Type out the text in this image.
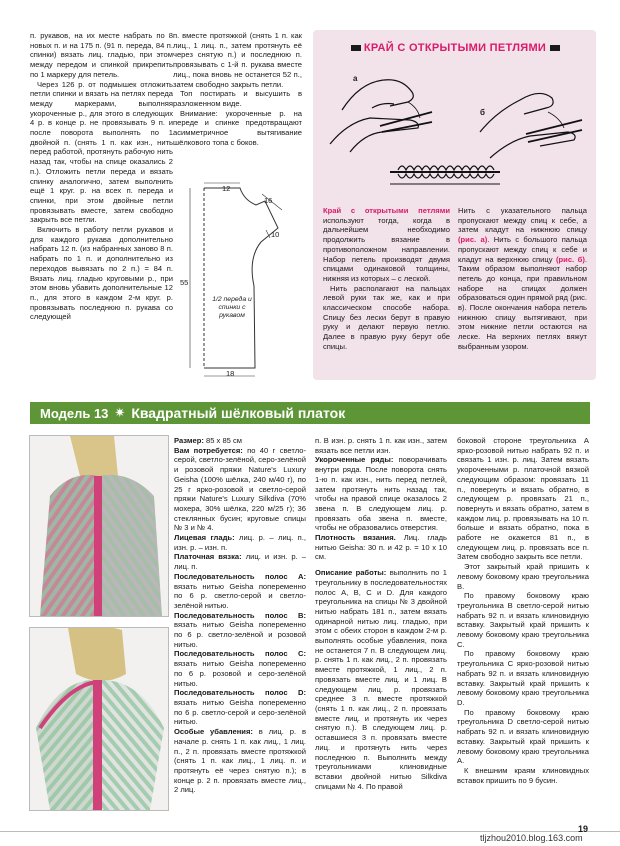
п. рукавов, на их месте набрать по 8 новых п. и на 175 п. (91 п. переда, 84 п. спинки) вязать лиц. гладью, при этом между передом и спинкой прикрепить по 1 маркеру для петель.

Через 126 р. от подмышек отложить петли спинки и вязать на петлях переда между маркерами, выполняя укороченные р., для этого в следующих 4 р. в конце р. не провязывать 9 п. и после поворота выполнять по 1 двойной п. (снять 1 п. как изн., нить перед работой, протянуть рабочую нить назад так, чтобы на спице оказались 2 п.). Отложить петли переда и вязать спинку аналогично, затем выполнить ещё 1 круг. р. на всех п. переда и спинки, при этом двойные петли провязывать вместе, затем свободно закрыть все петли.

Включить в работу петли рукавов и для каждого рукава дополнительно набрать 12 п. (из набранных заново 8 п. набрать по 1 п. и дополнительно из переходов вывязать по 2 п.) = 84 п. Вязать лиц. гладью круговыми р., при этом вновь убавить дополнительные 12 п., для этого в каждом 2-м круг. р. провязывать последнюю п. рукава со следующей

п. вместе протяжкой (снять 1 п. как лиц., 1 лиц. п., затем протянуть её через снятую п.) и последнюю п. провязывать с 1-й п. рукава вместе лиц., пока вновь не останется 52 п., затем свободно закрыть петли.

Топ постирать и высушить в разложенном виде.

Внимание: укороченные р. на переде и спинке предотвращают асимметричное вытягивание шёлкового топа с боков.

12
16
10
55
18
1/2 переда и спинки с рукавом
КРАЙ С ОТКРЫТЫМИ ПЕТЛЯМИ
а
б

Край с открытыми петлями используют тогда, когда в дальнейшем необходимо продолжить вязание в противоположном направлении. Набор петель производят двумя спицами одинаковой толщины, нижняя из которых – с леской.

Нить располагают на пальцах левой руки так же, как и при классическом способе набора. Спицу без лески берут в правую руку и делают первую петлю. Далее в правую руку берут обе спицы.

Нить с указательного пальца пропускают между спиц к себе, а затем кладут на нижнюю спицу (рис. а). Нить с большого пальца пропускают между спиц к себе и кладут на верхнюю спицу (рис. б). Таким образом выполняют набор петель до конца, при правильном наборе на спицах должен образоваться один прямой ряд (рис. в). После окончания набора петель нижнюю спицу вытягивают, при этом нижние петли остаются на леске. На верхних петлях вяжут выбранным узором.

Модель 13 ✷ Квадратный шёлковый платок

Размер: 85 х 85 см

Вам потребуется: по 40 г светло-серой, светло-зелёной, серо-зелёной и розовой пряжи Nature's Luxury Geisha (100% шёлка, 240 м/40 г), по 25 г ярко-розовой и светло-серой пряжи Nature's Luxury Silkdiva (70% мохера, 30% шёлка, 220 м/25 г); 36 стеклянных бусин; круговые спицы № 3 и № 4.

Лицевая гладь: лиц. р. – лиц. п., изн. р. – изн. п.

Платочная вязка: лиц. и изн. р. – лиц. п.

Последовательность полос A: вязать нитью Geisha попеременно по 6 р. светло-серой и светло-зелёной нитью.

Последовательность полос B: вязать нитью Geisha попеременно по 6 р. светло-зелёной и розовой нитью.

Последовательность полос C: вязать нитью Geisha попеременно по 6 р. розовой и серо-зелёной нитью.

Последовательность полос D: вязать нитью Geisha попеременно по 6 р. светло-серой и серо-зелёной нитью.

Особые убавления: в лиц. р. в начале р. снять 1 п. как лиц., 1 лиц. п., 2 п. провязать вместе протяжкой (снять 1 п. как лиц., 1 лиц. п. и протянуть её через снятую п.); в конце р. 2 п. провязать вместе лиц., 2 лиц.

п. В изн. р. снять 1 п. как изн., затем вязать все петли изн.

Укороченные ряды: поворачивать внутри ряда. После поворота снять 1-ю п. как изн., нить перед петлей, затем протянуть нить назад так, чтобы на правой спице оказалось 2 звена п. В следующем лиц. р. провязать оба звена п. вместе, чтобы не образовались отверстия.

Плотность вязания. Лиц. гладь нитью Geisha: 30 п. и 42 р. = 10 х 10 см.

Описание работы: выполнить по 1 треугольнику в последовательностях полос A, B, C и D. Для каждого треугольника на спицы № 3 двойной нитью набрать 181 п., затем вязать одинарной нитью лиц. гладью, при этом с обеих сторон в каждом 2-м р. выполнять особые убавления, пока не останется 7 п. В следующем лиц. р. снять 1 п. как лиц., 2 п. провязать вместе протяжкой, 1 лиц., 2 п. провязать вместе лиц. и 1 лиц. В следующем лиц. р. провязать среднее 3 п. вместе протяжкой (снять 1 п. как лиц., 2 п. провязать вместе лиц. и протянуть их через снятую п.). В следующем лиц. р. оставшиеся 3 п. провязать вместе лиц. и протянуть нить через последнюю п. Выполнить между треугольниками клиновидные вставки двойной нитью Silkdiva спицами № 4. По правой

боковой стороне треугольника A ярко-розовой нитью набрать 92 п. и связать 1 изн. р. лиц. Затем вязать укороченными р. платочной вязкой следующим образом: провязать 11 п., повернуть и вязать обратно, в следующем р. провязать 21 п., повернуть и вязать обратно, затем в каждом лиц. р. провязывать на 10 п. больше и вязать обратно, пока в работе не окажется 81 п., в следующем лиц. р. провязать все п. Затем свободно закрыть все петли.

Этот закрытый край пришить к левому боковому краю треугольника B.

По правому боковому краю треугольника B светло-серой нитью набрать 92 п. и вязать клиновидную вставку. Закрытый край пришить к левому боковому краю треугольника C.

По правому боковому краю треугольника C ярко-розовой нитью набрать 92 п. и вязать клиновидную вставку. Закрытый край пришить к левому боковому краю треугольника D.

По правому боковому краю треугольника D светло-серой нитью набрать 92 п. и вязать клиновидную вставку. Закрытый край пришить к левому боковому краю треугольника A.

К внешним краям клиновидных вставок пришить по 9 бусин.

19
tljzhou2010.blog.163.com
